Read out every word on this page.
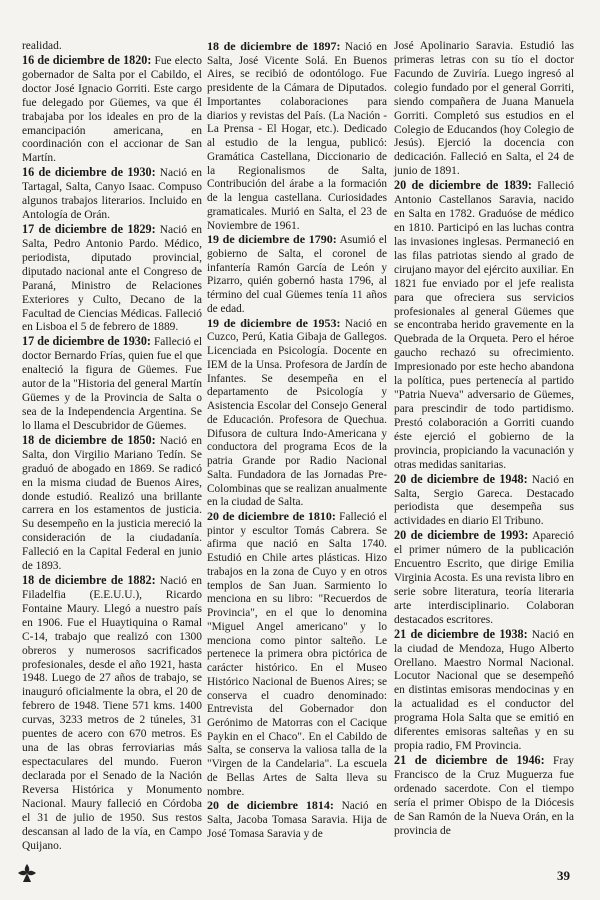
realidad.

16 de diciembre de 1820: Fue electo gobernador de Salta por el Cabildo, el doctor José Ignacio Gorriti. Este cargo fue delegado por Güemes, va que él trabajaba por los ideales en pro de la emancipación americana, en coordinación con el accionar de San Martín.

16 de diciembre de 1930: Nació en Tartagal, Salta, Canyo Isaac. Compuso algunos trabajos literarios. Incluido en Antología de Orán.

17 de diciembre de 1829: Nació en Salta, Pedro Antonio Pardo. Médico, periodista, diputado provincial, diputado nacional ante el Congreso de Paraná, Ministro de Relaciones Exteriores y Culto, Decano de la Facultad de Ciencias Médicas. Falleció en Lisboa el 5 de febrero de 1889.

17 de diciembre de 1930: Falleció el doctor Bernardo Frías, quien fue el que enalteció la figura de Güemes. Fue autor de la "Historia del general Martín Güemes y de la Provincia de Salta o sea de la Independencia Argentina. Se lo llama el Descubridor de Güemes.

18 de diciembre de 1850: Nació en Salta, don Virgilio Mariano Tedín. Se graduó de abogado en 1869. Se radicó en la misma ciudad de Buenos Aires, donde estudió. Realizó una brillante carrera en los estamentos de justicia. Su desempeño en la justicia mereció la consideración de la ciudadanía. Falleció en la Capital Federal en junio de 1893.

18 de diciembre de 1882: Nació en Filadelfia (E.E.U.U.), Ricardo Fontaine Maury. Llegó a nuestro país en 1906. Fue el Huaytiquina o Ramal C-14, trabajo que realizó con 1300 obreros y numerosos sacrificados profesionales, desde el año 1921, hasta 1948. Luego de 27 años de trabajo, se inauguró oficialmente la obra, el 20 de febrero de 1948. Tiene 571 kms. 1400 curvas, 3233 metros de 2 túneles, 31 puentes de acero con 670 metros. Es una de las obras ferroviarias más espectaculares del mundo. Fueron declarada por el Senado de la Nación Reversa Histórica y Monumento Nacional. Maury falleció en Córdoba el 31 de julio de 1950. Sus restos descansan al lado de la vía, en Campo Quijano.

18 de diciembre de 1897: Nació en Salta, José Vicente Solá. En Buenos Aires, se recibió de odontólogo. Fue presidente de la Cámara de Diputados. Importantes colaboraciones para diarios y revistas del País. (La Nación - La Prensa - El Hogar, etc.). Dedicado al estudio de la lengua, publicó: Gramática Castellana, Diccionario de la Regionalismos de Salta, Contribución del árabe a la formación de la lengua castellana. Curiosidades gramaticales. Murió en Salta, el 23 de Noviembre de 1961.

19 de diciembre de 1790: Asumió el gobierno de Salta, el coronel de infantería Ramón García de León y Pizarro, quién gobernó hasta 1796, al término del cual Güemes tenía 11 años de edad.

19 de diciembre de 1953: Nació en Cuzco, Perú, Katia Gibaja de Gallegos. Licenciada en Psicología. Docente en IEM de la Unsa. Profesora de Jardín de Infantes. Se desempeña en el departamento de Psicología y Asistencia Escolar del Consejo General de Educación. Profesora de Quechua. Difusora de cultura Indo-Americana y conductora del programa Ecos de la patria Grande por Radio Nacional Salta. Fundadora de las Jornadas Pre-Colombinas que se realizan anualmente en la ciudad de Salta.

20 de diciembre de 1810: Falleció el pintor y escultor Tomás Cabrera. Se afirma que nació en Salta 1740. Estudió en Chile artes plásticas. Hizo trabajos en la zona de Cuyo y en otros templos de San Juan. Sarmiento lo menciona en su libro: "Recuerdos de Provincia", en el que lo denomina "Miguel Angel americano" y lo menciona como pintor salteño. Le pertenece la primera obra pictórica de carácter histórico. En el Museo Histórico Nacional de Buenos Aires; se conserva el cuadro denominado: Entrevista del Gobernador don Gerónimo de Matorras con el Cacique Paykin en el Chaco". En el Cabildo de Salta, se conserva la valiosa talla de la "Virgen de la Candelaria". La escuela de Bellas Artes de Salta lleva su nombre.

20 de diciembre 1814: Nació en Salta, Jacoba Tomasa Saravia. Hija de José Tomasa Saravia y de

José Apolinario Saravia. Estudió las primeras letras con su tío el doctor Facundo de Zuviría. Luego ingresó al colegio fundado por el general Gorriti, siendo compañera de Juana Manuela Gorriti. Completó sus estudios en el Colegio de Educandos (hoy Colegio de Jesús). Ejerció la docencia con dedicación. Falleció en Salta, el 24 de junio de 1891.

20 de diciembre de 1839: Falleció Antonio Castellanos Saravia, nacido en Salta en 1782. Graduóse de médico en 1810. Participó en las luchas contra las invasiones inglesas. Permaneció en las filas patriotas siendo al grado de cirujano mayor del ejército auxiliar. En 1821 fue enviado por el jefe realista para que ofreciera sus servicios profesionales al general Güemes que se encontraba herido gravemente en la Quebrada de la Orqueta. Pero el héroe gaucho rechazó su ofrecimiento. Impresionado por este hecho abandona la política, pues pertenecía al partido "Patria Nueva" adversario de Güemes, para prescindir de todo partidismo. Prestó colaboración a Gorriti cuando éste ejerció el gobierno de la provincia, propiciando la vacunación y otras medidas sanitarias.

20 de diciembre de 1948: Nació en Salta, Sergio Gareca. Destacado periodista que desempeña sus actividades en diario El Tribuno.

20 de diciembre de 1993: Apareció el primer número de la publicación Encuentro Escrito, que dirige Emilia Virginia Acosta. Es una revista libro en serie sobre literatura, teoría literaria arte interdisciplinario. Colaboran destacados escritores.

21 de diciembre de 1938: Nació en la ciudad de Mendoza, Hugo Alberto Orellano. Maestro Normal Nacional. Locutor Nacional que se desempeñó en distintas emisoras mendocinas y en la actualidad es el conductor del programa Hola Salta que se emitió en diferentes emisoras salteñas y en su propia radio, FM Provincia.

21 de diciembre de 1946: Fray Francisco de la Cruz Muguerza fue ordenado sacerdote. Con el tiempo sería el primer Obispo de la Diócesis de San Ramón de la Nueva Orán, en la provincia de

39
